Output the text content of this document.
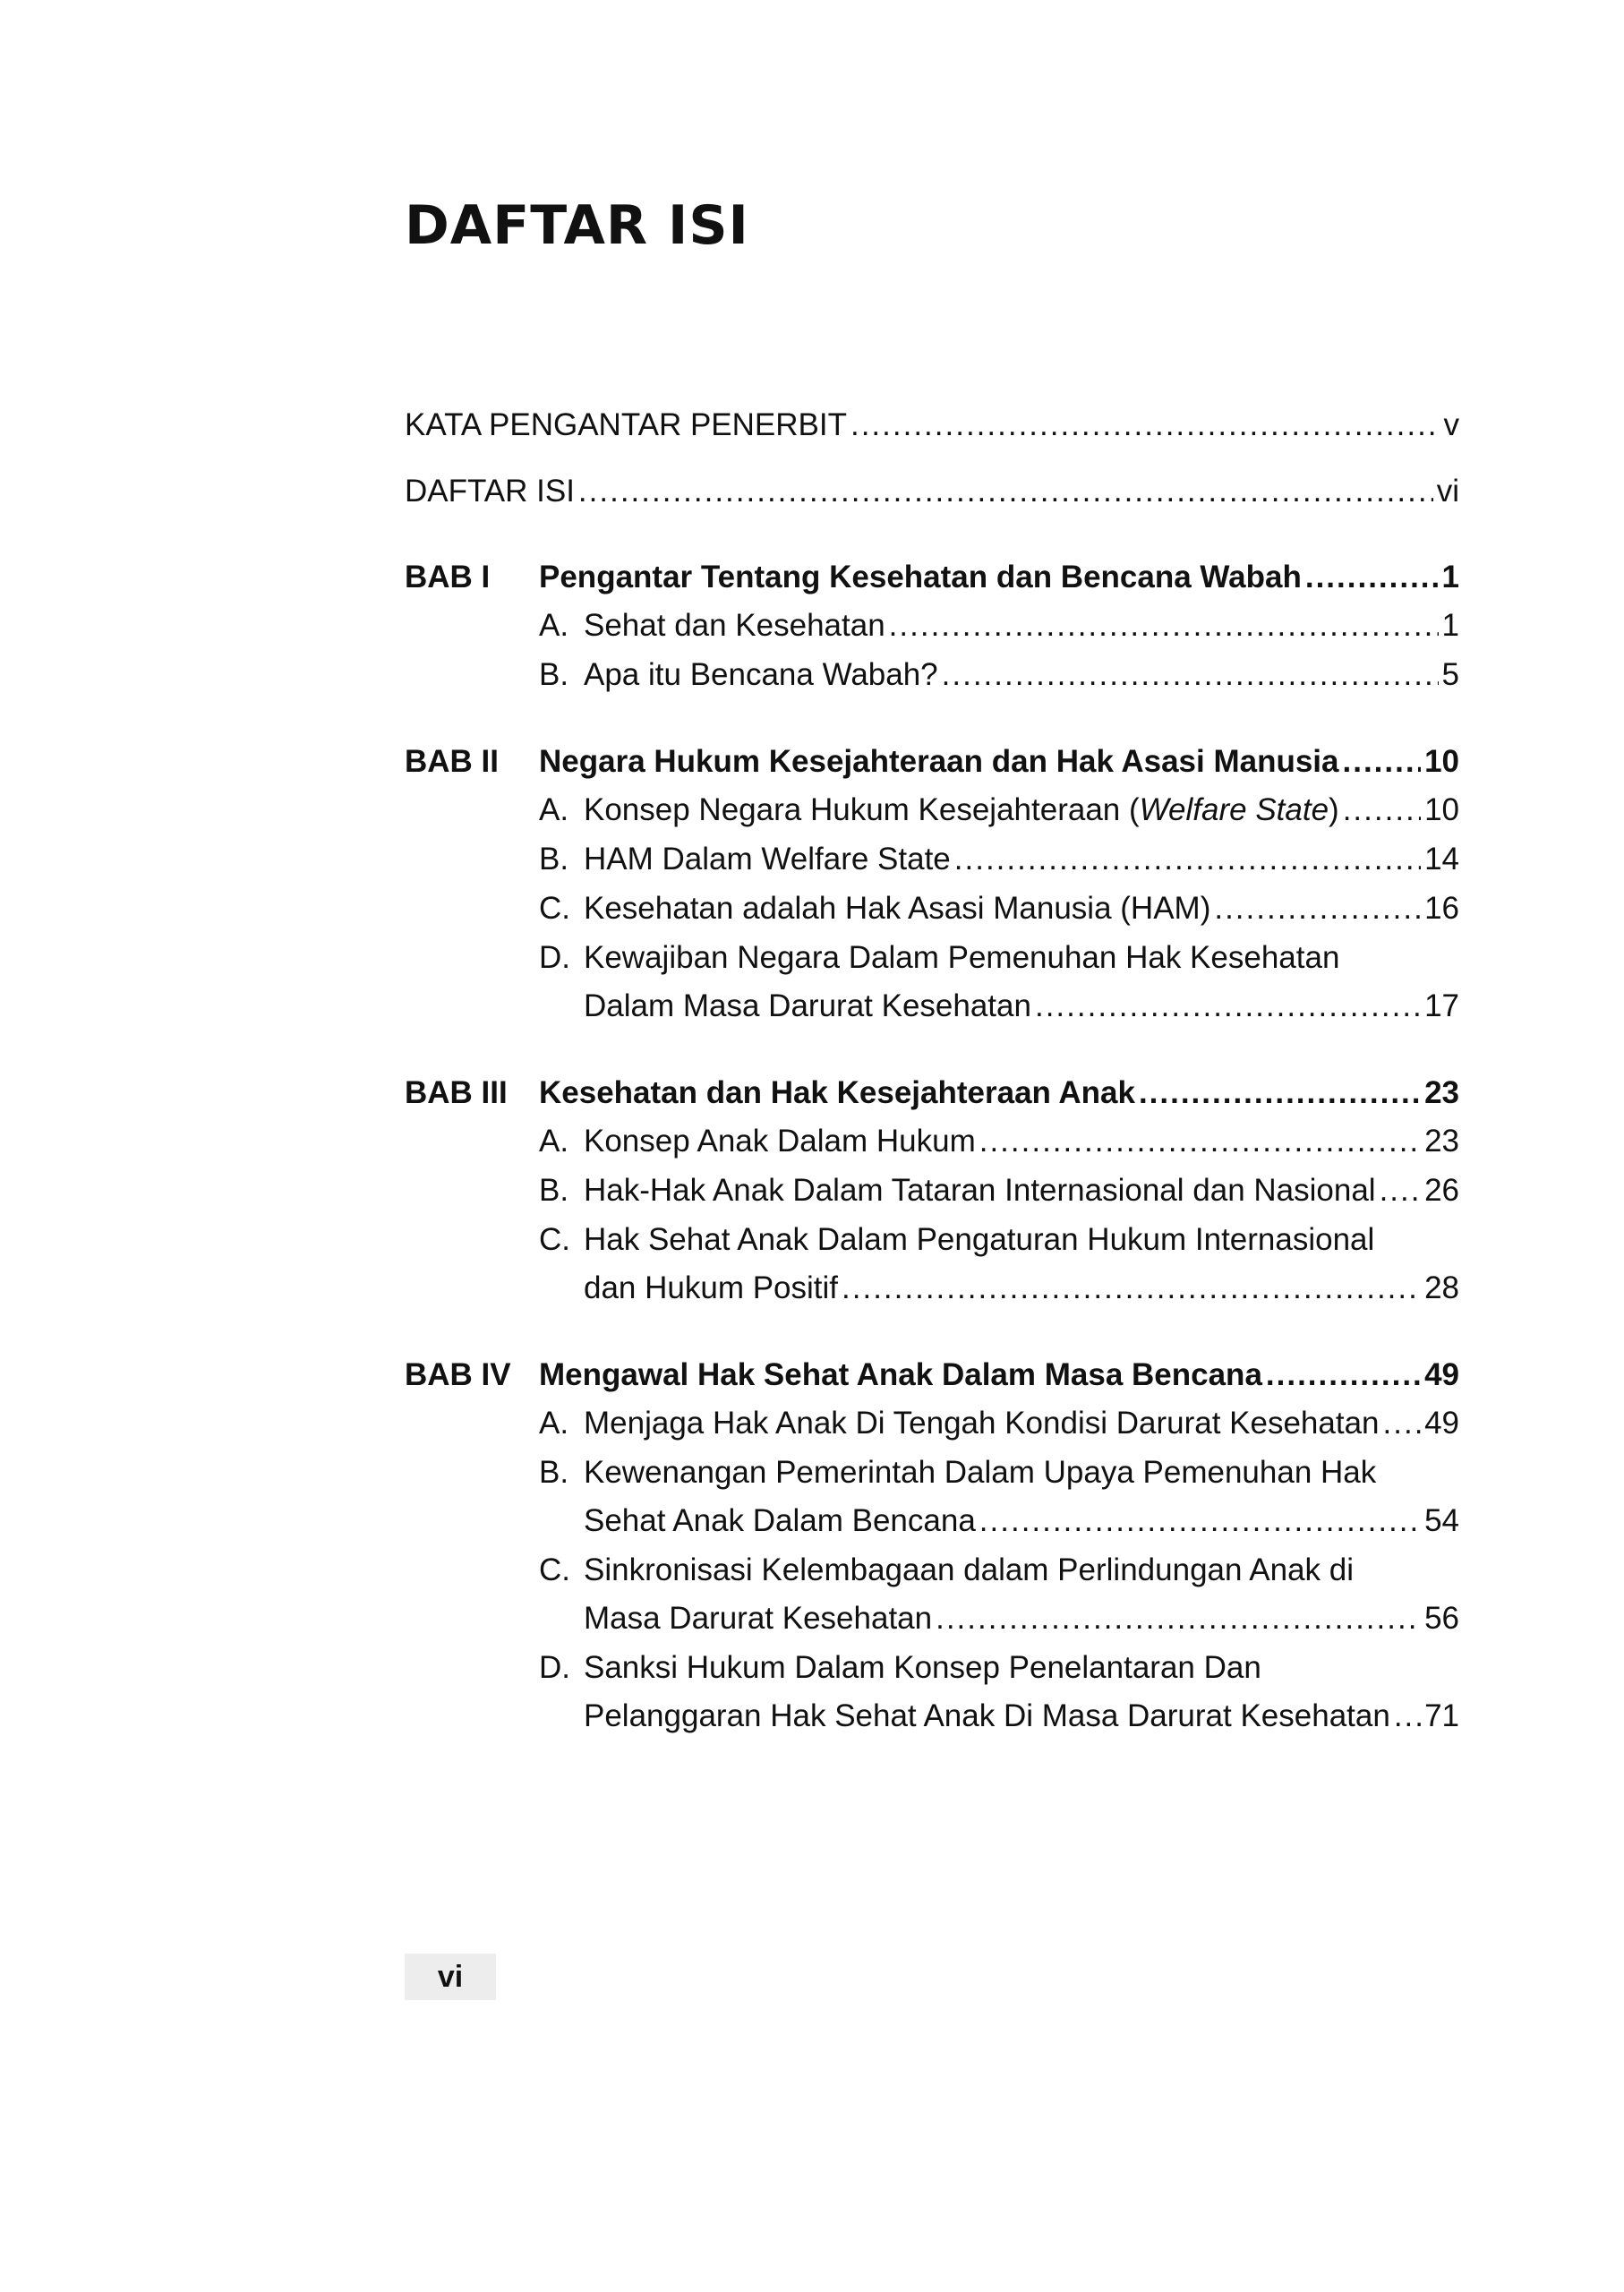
DAFTAR ISI
KATA PENGANTAR PENERBIT .....	v
DAFTAR ISI .....	vi
BAB I	Pengantar Tentang Kesehatan dan Bencana Wabah .....	1
A. Sehat dan Kesehatan .....	1
B. Apa itu Bencana Wabah? .....	5
BAB II	Negara Hukum Kesejahteraan dan Hak Asasi Manusia .....	10
A. Konsep Negara Hukum Kesejahteraan (Welfare State) .....	10
B. HAM Dalam Welfare State .....	14
C. Kesehatan adalah Hak Asasi Manusia (HAM) .....	16
D. Kewajiban Negara Dalam Pemenuhan Hak Kesehatan
Dalam Masa Darurat Kesehatan .....	17
BAB III	Kesehatan dan Hak Kesejahteraan Anak .....	23
A. Konsep Anak Dalam Hukum .....	23
B. Hak-Hak Anak Dalam Tataran Internasional dan Nasional ..... 26
C. Hak Sehat Anak Dalam Pengaturan Hukum Internasional
dan Hukum Positif .....	28
BAB IV Mengawal Hak Sehat Anak Dalam Masa Bencana .....	49
A. Menjaga Hak Anak Di Tengah Kondisi Darurat Kesehatan ..... 49
B. Kewenangan Pemerintah Dalam Upaya Pemenuhan Hak
Sehat Anak Dalam Bencana .....	54
C. Sinkronisasi Kelembagaan dalam Perlindungan Anak di
Masa Darurat Kesehatan .....	56
D. Sanksi Hukum Dalam Konsep Penelantaran Dan
Pelanggaran Hak Sehat Anak Di Masa Darurat Kesehatan ..... 71
vi
